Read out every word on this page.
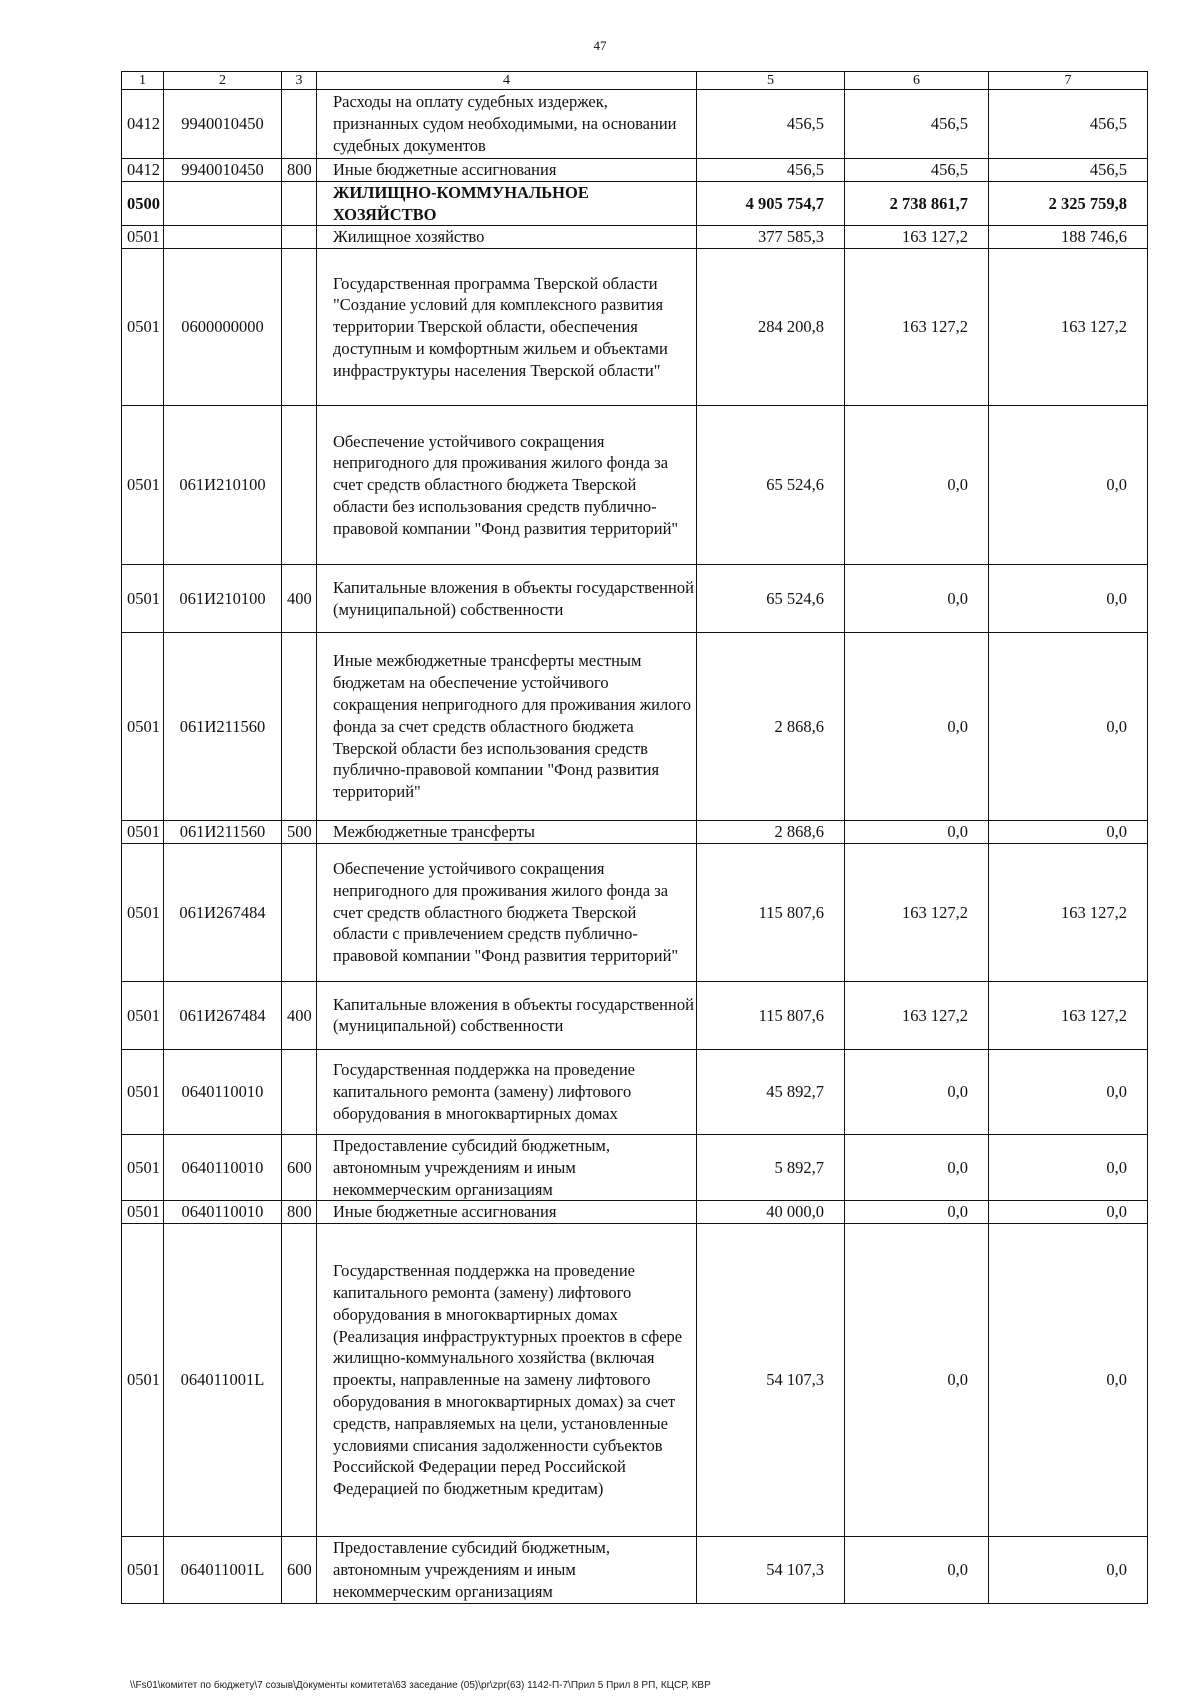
47
1	2	3	4	5	6	7
0412	9940010450		Расходы на оплату судебных издержек, признанных судом необходимыми, на основании судебных документов	456,5	456,5	456,5
0412	9940010450	800	Иные бюджетные ассигнования	456,5	456,5	456,5
0500			ЖИЛИЩНО-КОММУНАЛЬНОЕ ХОЗЯЙСТВО	4 905 754,7	2 738 861,7	2 325 759,8
0501			Жилищное хозяйство	377 585,3	163 127,2	188 746,6
0501	0600000000		Государственная программа Тверской области "Создание условий для комплексного развития территории Тверской области, обеспечения доступным и комфортным жильем и объектами инфраструктуры населения Тверской области"	284 200,8	163 127,2	163 127,2
0501	061И210100		Обеспечение устойчивого сокращения непригодного для проживания жилого фонда за счет средств областного бюджета Тверской области без использования средств публично-правовой компании "Фонд развития территорий"	65 524,6	0,0	0,0
0501	061И210100	400	Капитальные вложения в объекты государственной (муниципальной) собственности	65 524,6	0,0	0,0
0501	061И211560		Иные межбюджетные трансферты местным бюджетам на обеспечение устойчивого сокращения непригодного для проживания жилого фонда за счет средств областного бюджета Тверской области без использования средств публично-правовой компании "Фонд развития территорий"	2 868,6	0,0	0,0
0501	061И211560	500	Межбюджетные трансферты	2 868,6	0,0	0,0
0501	061И267484		Обеспечение устойчивого сокращения непригодного для проживания жилого фонда за счет средств областного бюджета Тверской области с привлечением средств публично-правовой компании "Фонд развития территорий"	115 807,6	163 127,2	163 127,2
0501	061И267484	400	Капитальные вложения в объекты государственной (муниципальной) собственности	115 807,6	163 127,2	163 127,2
0501	0640110010		Государственная поддержка на проведение капитального ремонта (замену) лифтового оборудования в многоквартирных домах	45 892,7	0,0	0,0
0501	0640110010	600	Предоставление субсидий бюджетным, автономным учреждениям и иным некоммерческим организациям	5 892,7	0,0	0,0
0501	0640110010	800	Иные бюджетные ассигнования	40 000,0	0,0	0,0
0501	064011001L		Государственная поддержка на проведение капитального ремонта (замену) лифтового оборудования в многоквартирных домах (Реализация инфраструктурных проектов в сфере жилищно-коммунального хозяйства (включая проекты, направленные на замену лифтового оборудования в многоквартирных домах) за счет средств, направляемых на цели, установленные условиями списания задолженности субъектов Российской Федерации перед Российской Федерацией по бюджетным кредитам)	54 107,3	0,0	0,0
0501	064011001L	600	Предоставление субсидий бюджетным, автономным учреждениям и иным некоммерческим организациям	54 107,3	0,0	0,0
\\Fs01\комитет по бюджету\7 созыв\Документы комитета\63 заседание (05)\pr\zpr(63) 1142-П-7\Прил 5 Прил 8 РП, КЦСР, КВР
